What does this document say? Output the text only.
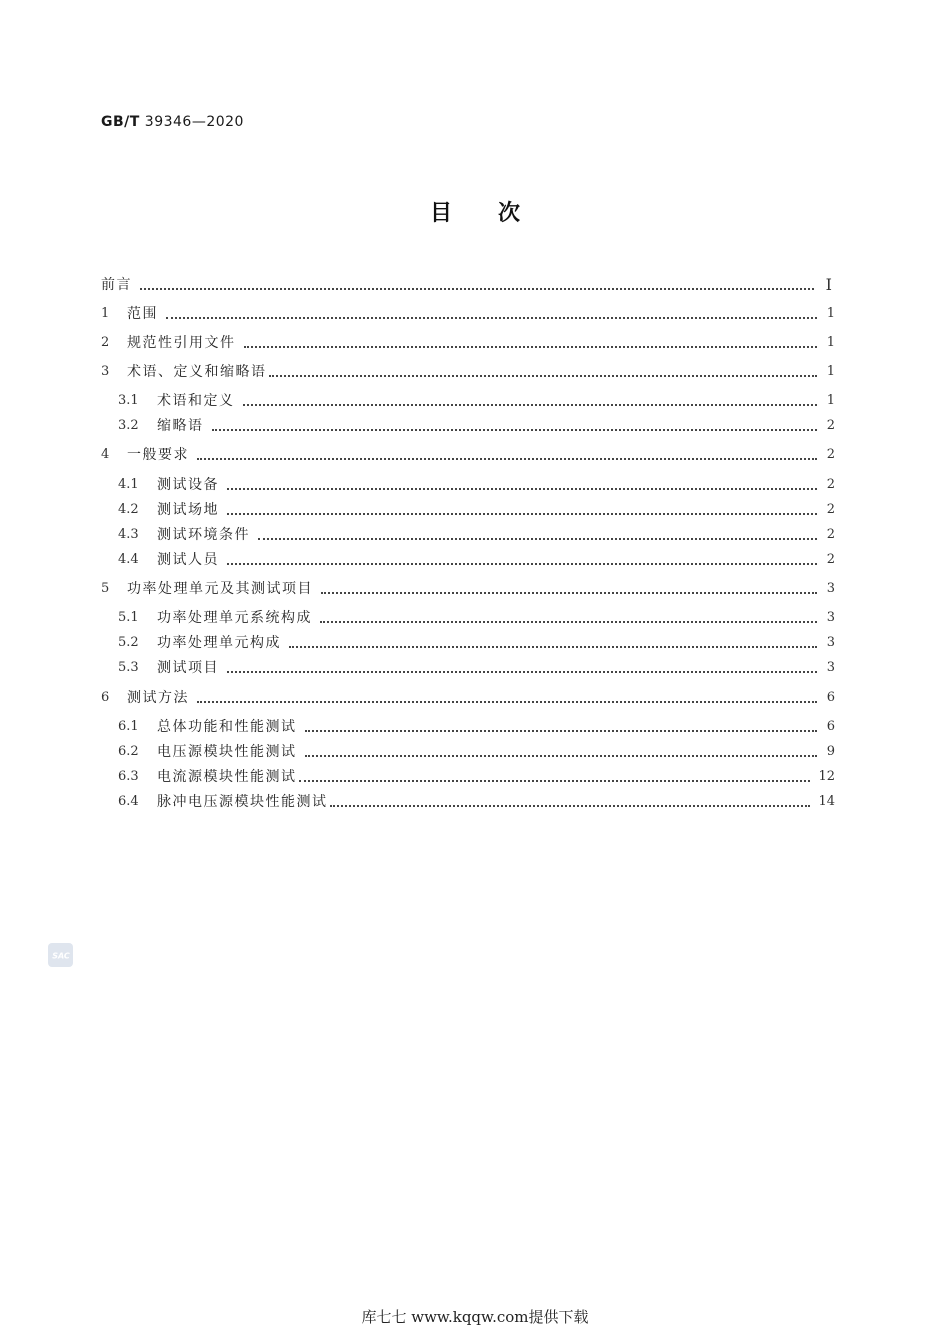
GB/T 39346—2020
目次
前言	I
1	范围	1
2	规范性引用文件	1
3	术语、定义和缩略语	1
3.1	术语和定义	1
3.2	缩略语	2
4	一般要求	2
4.1	测试设备	2
4.2	测试场地	2
4.3	测试环境条件	2
4.4	测试人员	2
5	功率处理单元及其测试项目	3
5.1	功率处理单元系统构成	3
5.2	功率处理单元构成	3
5.3	测试项目	3
6	测试方法	6
6.1	总体功能和性能测试	6
6.2	电压源模块性能测试	9
6.3	电流源模块性能测试	12
6.4	脉冲电压源模块性能测试	14
SAC
库七七 www.kqqw.com提供下载
